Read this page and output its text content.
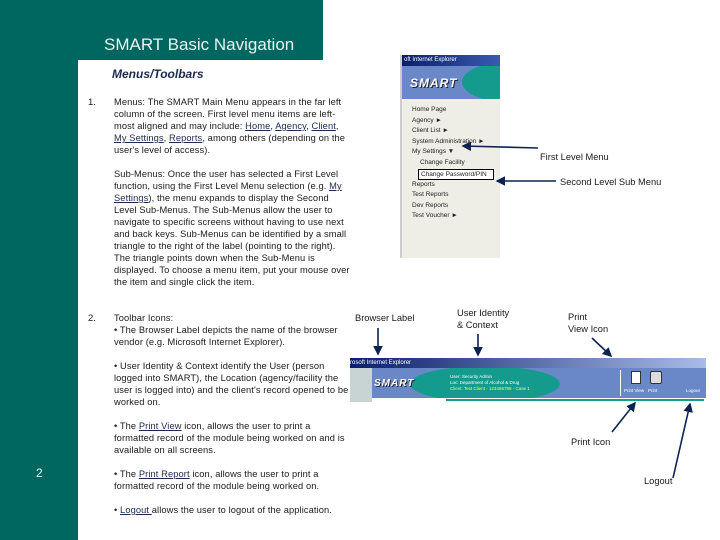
SMART Basic Navigation
2
Menus/Toolbars
1. Menus: The SMART Main Menu appears in the far left column of the screen. First level menu items are left-most aligned and may include: Home, Agency, Client, My Settings, Reports, among others (depending on the user's level of access).
Sub-Menus: Once the user has selected a First Level function, using the First Level Menu selection (e.g. My Settings), the menu expands to display the Second Level Sub-Menus. The Sub-Menus allow the user to navigate to specific screens without having to use next and back keys. Sub-Menus can be identified by a small triangle to the right of the label (pointing to the right). The triangle points down when the Sub-Menu is displayed. To choose a menu item, put your mouse over the item and single click the item.
2. Toolbar Icons:
• The Browser Label depicts the name of the browser vendor (e.g. Microsoft Internet Explorer).
• User Identity & Context identify the User (person logged into SMART), the Location (agency/facility the user is logged into) and the client's record opened to be worked on.
• The Print View icon, allows the user to print a formatted record of the module being worked on and is available on all screens.
• The Print Report icon, allows the user to print a formatted record of the module being worked on.
• Logout allows the user to logout of the application.
oft Internet Explorer
SMART
Home Page
Agency ►
Client List ►
System Administration ►
My Settings ▼
Change Facility
Change Password/PIN
Reports
Test Reports
Dev Reports
Test Voucher ►
rosoft Internet Explorer
SMART
User: Security Admin
Loc: Department of Alcohol & Drug
Client: Test Client - 123456789 - Case 1	Print View Print	Logout
First Level Menu
Second Level Sub Menu
Browser Label	User Identity
& Context
Print
View Icon
Print Icon
Logout
